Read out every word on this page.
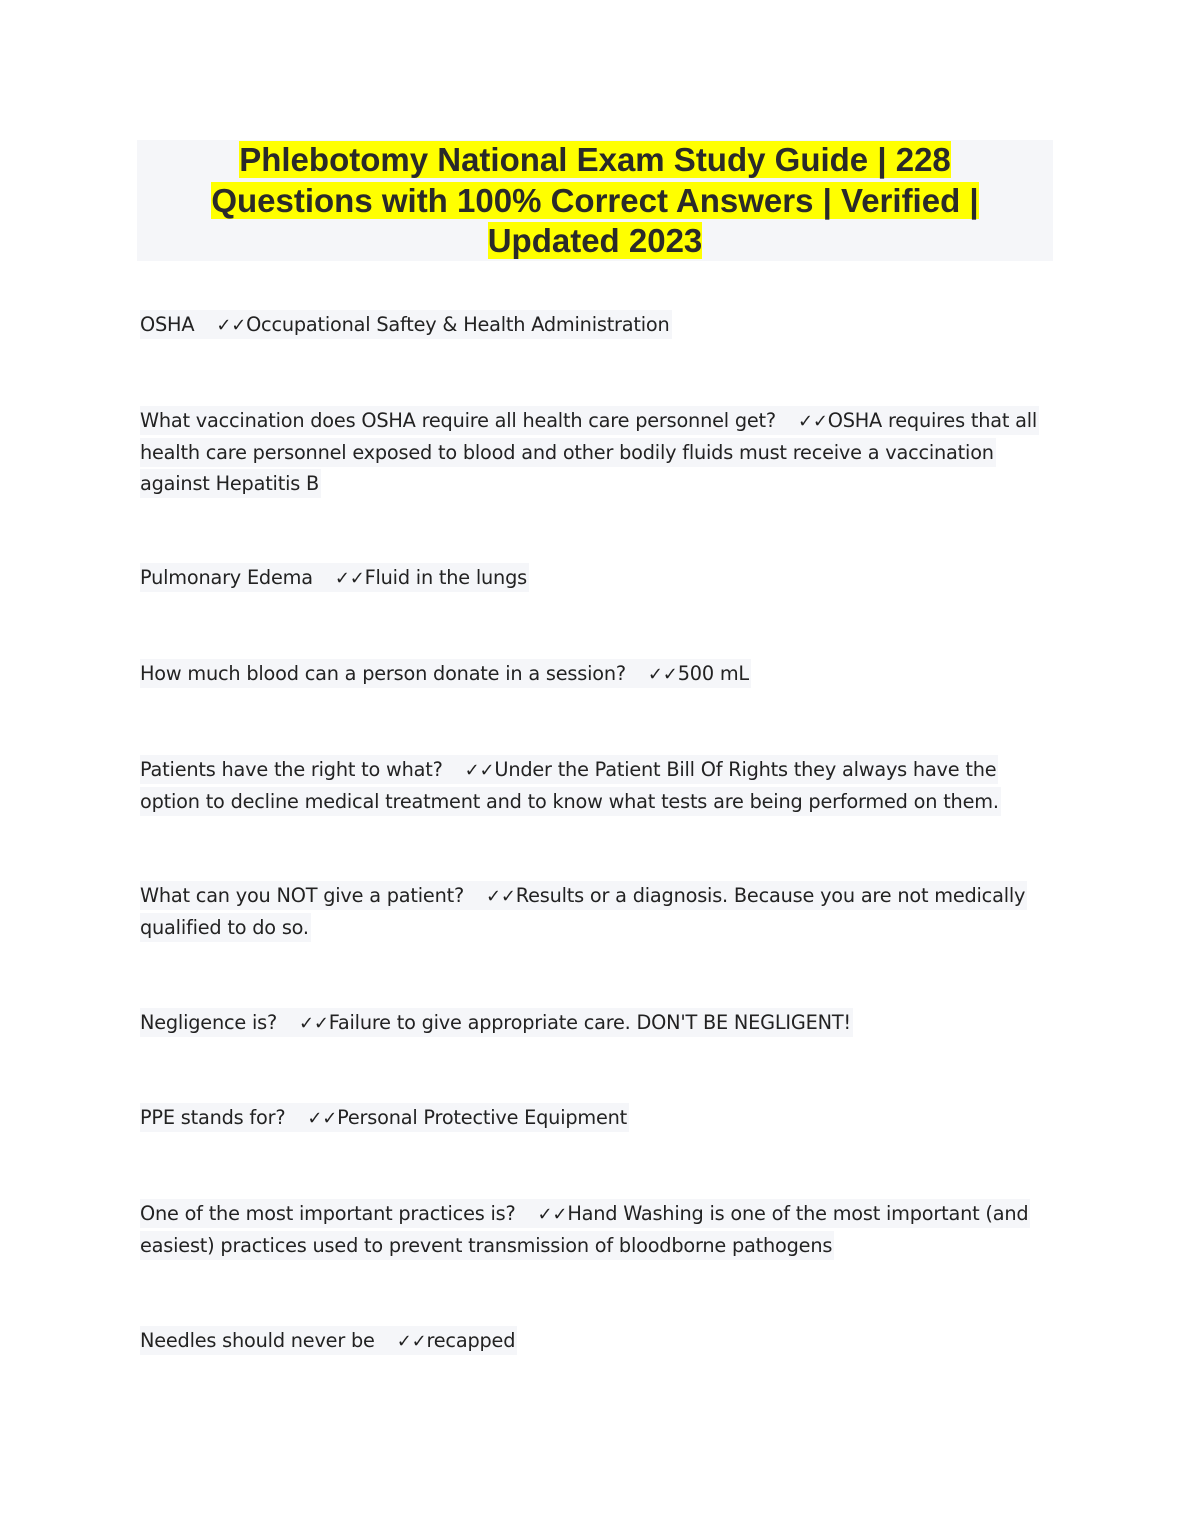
Phlebotomy National Exam Study Guide | 228
Questions with 100% Correct Answers | Verified |
Updated 2023
OSHA ✓✓Occupational Saftey & Health Administration
What vaccination does OSHA require all health care personnel get? ✓✓OSHA requires that all health care personnel exposed to blood and other bodily fluids must receive a vaccination against Hepatitis B
Pulmonary Edema ✓✓Fluid in the lungs
How much blood can a person donate in a session? ✓✓500 mL
Patients have the right to what? ✓✓Under the Patient Bill Of Rights they always have the option to decline medical treatment and to know what tests are being performed on them.
What can you NOT give a patient? ✓✓Results or a diagnosis. Because you are not medically qualified to do so.
Negligence is? ✓✓Failure to give appropriate care. DON'T BE NEGLIGENT!
PPE stands for? ✓✓Personal Protective Equipment
One of the most important practices is? ✓✓Hand Washing is one of the most important (and easiest) practices used to prevent transmission of bloodborne pathogens
Needles should never be ✓✓recapped
